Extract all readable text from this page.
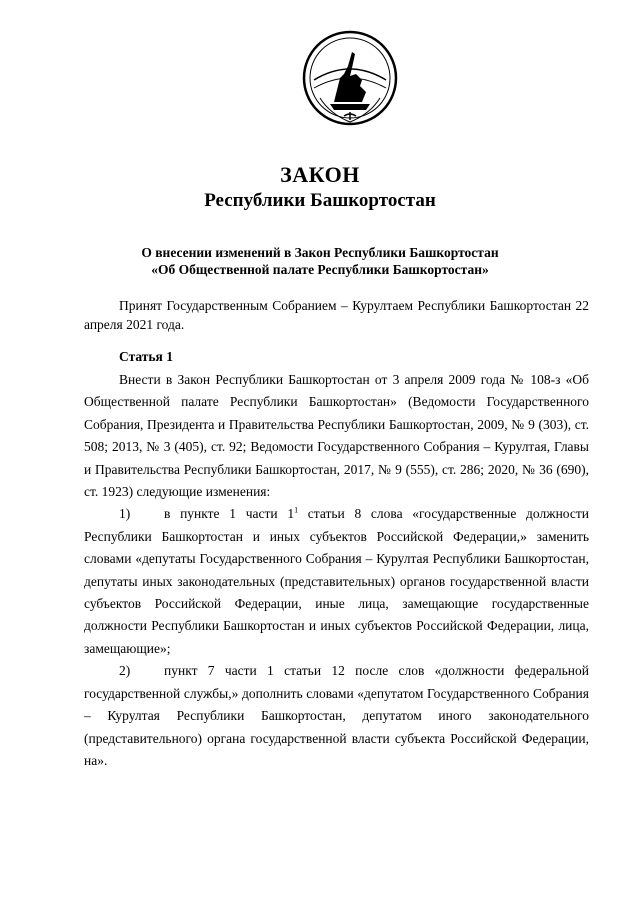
ЗАКОН
Республики Башкортостан
О внесении изменений в Закон Республики Башкортостан
«Об Общественной палате Республики Башкортостан»

Принят Государственным Собранием – Курултаем Республики Башкортостан 22 апреля 2021 года.

Статья 1

Внести в Закон Республики Башкортостан от 3 апреля 2009 года № 108-з «Об Общественной палате Республики Башкортостан» (Ведомости Государственного Собрания, Президента и Правительства Республики Башкортостан, 2009, № 9 (303), ст. 508; 2013, № 3 (405), ст. 92; Ведомости Государственного Собрания – Курултая, Главы и Правительства Республики Башкортостан, 2017, № 9 (555), ст. 286; 2020, № 36 (690), ст. 1923) следующие изменения:

1)	в пункте 1 части $1^1$ статьи 8 слова «государственные должности Республики Башкортостан и иных субъектов Российской Федерации,» заменить словами «депутаты Государственного Собрания – Курултая Республики Башкортостан, депутаты иных законодательных (представительных) органов государственной власти субъектов Российской Федерации, иные лица, замещающие государственные должности Республики Башкортостан и иных субъектов Российской Федерации, лица, замещающие»;

2)	пункт 7 части 1 статьи 12 после слов «должности федеральной государственной службы,» дополнить словами «депутатом Государственного Собрания – Курултая Республики Башкортостан, депутатом иного законодательного (представительного) органа государственной власти субъекта Российской Федерации, на».
